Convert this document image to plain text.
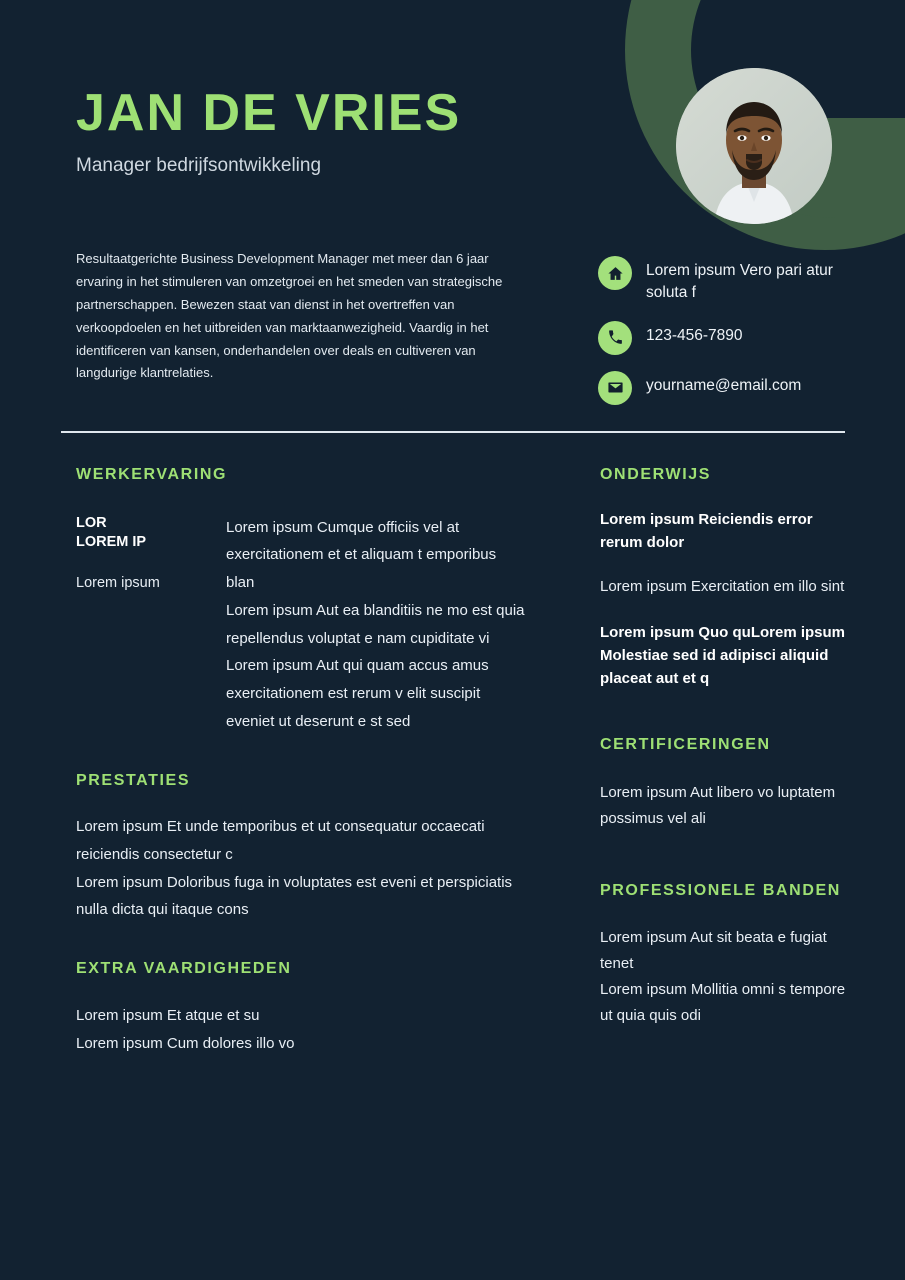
JAN DE VRIES
Manager bedrijfsontwikkeling
Resultaatgerichte Business Development Manager met meer dan 6 jaar ervaring in het stimuleren van omzetgroei en het smeden van strategische partnerschappen. Bewezen staat van dienst in het overtreffen van verkoopdoelen en het uitbreiden van marktaanwezigheid. Vaardig in het identificeren van kansen, onderhandelen over deals en cultiveren van langdurige klantrelaties.
Lorem ipsum Vero pari atur soluta f
123-456-7890
yourname@email.com
WERKERVARING
LOR
LOREM IP
Lorem ipsum
Lorem ipsum Cumque officiis vel at exercitationem et et aliquam t emporibus blan
Lorem ipsum Aut ea blanditiis ne mo est quia repellendus voluptat e nam cupiditate vi
Lorem ipsum Aut qui quam accus amus exercitationem est rerum v elit suscipit eveniet ut deserunt e st sed
PRESTATIES
Lorem ipsum Et unde temporibus et ut consequatur occaecati reiciendis consectetur c
Lorem ipsum Doloribus fuga in voluptates est eveni et perspiciatis nulla dicta qui itaque cons
EXTRA VAARDIGHEDEN
Lorem ipsum Et atque et su
Lorem ipsum Cum dolores illo vo
ONDERWIJS
Lorem ipsum Reiciendis error rerum dolor
Lorem ipsum Exercitation em illo sint
Lorem ipsum Quo quLorem ipsum Molestiae sed id adipisci aliquid placeat aut et q
CERTIFICERINGEN
Lorem ipsum Aut libero vo luptatem possimus vel ali
PROFESSIONELE BANDEN
Lorem ipsum Aut sit beata e fugiat tenet
Lorem ipsum Mollitia omni s tempore ut quia quis odi
